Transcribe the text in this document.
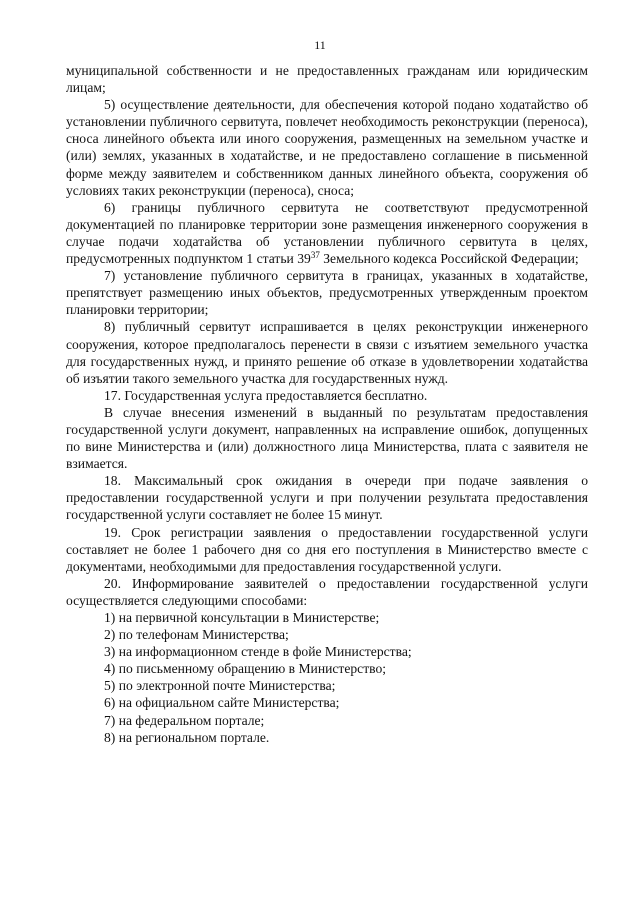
11

муниципальной собственности и не предоставленных гражданам или юридическим лицам;

5) осуществление деятельности, для обеспечения которой подано ходатайство об установлении публичного сервитута, повлечет необходимость реконструкции (переноса), сноса линейного объекта или иного сооружения, размещенных на земельном участке и (или) землях, указанных в ходатайстве, и не предоставлено соглашение в письменной форме между заявителем и собственником данных линейного объекта, сооружения об условиях таких реконструкции (переноса), сноса;

6) границы публичного сервитута не соответствуют предусмотренной документацией по планировке территории зоне размещения инженерного сооружения в случае подачи ходатайства об установлении публичного сервитута в целях, предусмотренных подпунктом 1 статьи $39^{37}$ Земельного кодекса Российской Федерации;

7) установление публичного сервитута в границах, указанных в ходатайстве, препятствует размещению иных объектов, предусмотренных утвержденным проектом планировки территории;

8) публичный сервитут испрашивается в целях реконструкции инженерного сооружения, которое предполагалось перенести в связи с изъятием земельного участка для государственных нужд, и принято решение об отказе в удовлетворении ходатайства об изъятии такого земельного участка для государственных нужд.

17. Государственная услуга предоставляется бесплатно.

В случае внесения изменений в выданный по результатам предоставления государственной услуги документ, направленных на исправление ошибок, допущенных по вине Министерства и (или) должностного лица Министерства, плата с заявителя не взимается.

18. Максимальный срок ожидания в очереди при подаче заявления о предоставлении государственной услуги и при получении результата предоставления государственной услуги составляет не более 15 минут.

19. Срок регистрации заявления о предоставлении государственной услуги составляет не более 1 рабочего дня со дня его поступления в Министерство вместе с документами, необходимыми для предоставления государственной услуги.

20. Информирование заявителей о предоставлении государственной услуги осуществляется следующими способами:

1) на первичной консультации в Министерстве;

2) по телефонам Министерства;

3) на информационном стенде в фойе Министерства;

4) по письменному обращению в Министерство;

5) по электронной почте Министерства;

6) на официальном сайте Министерства;

7) на федеральном портале;

8) на региональном портале.
